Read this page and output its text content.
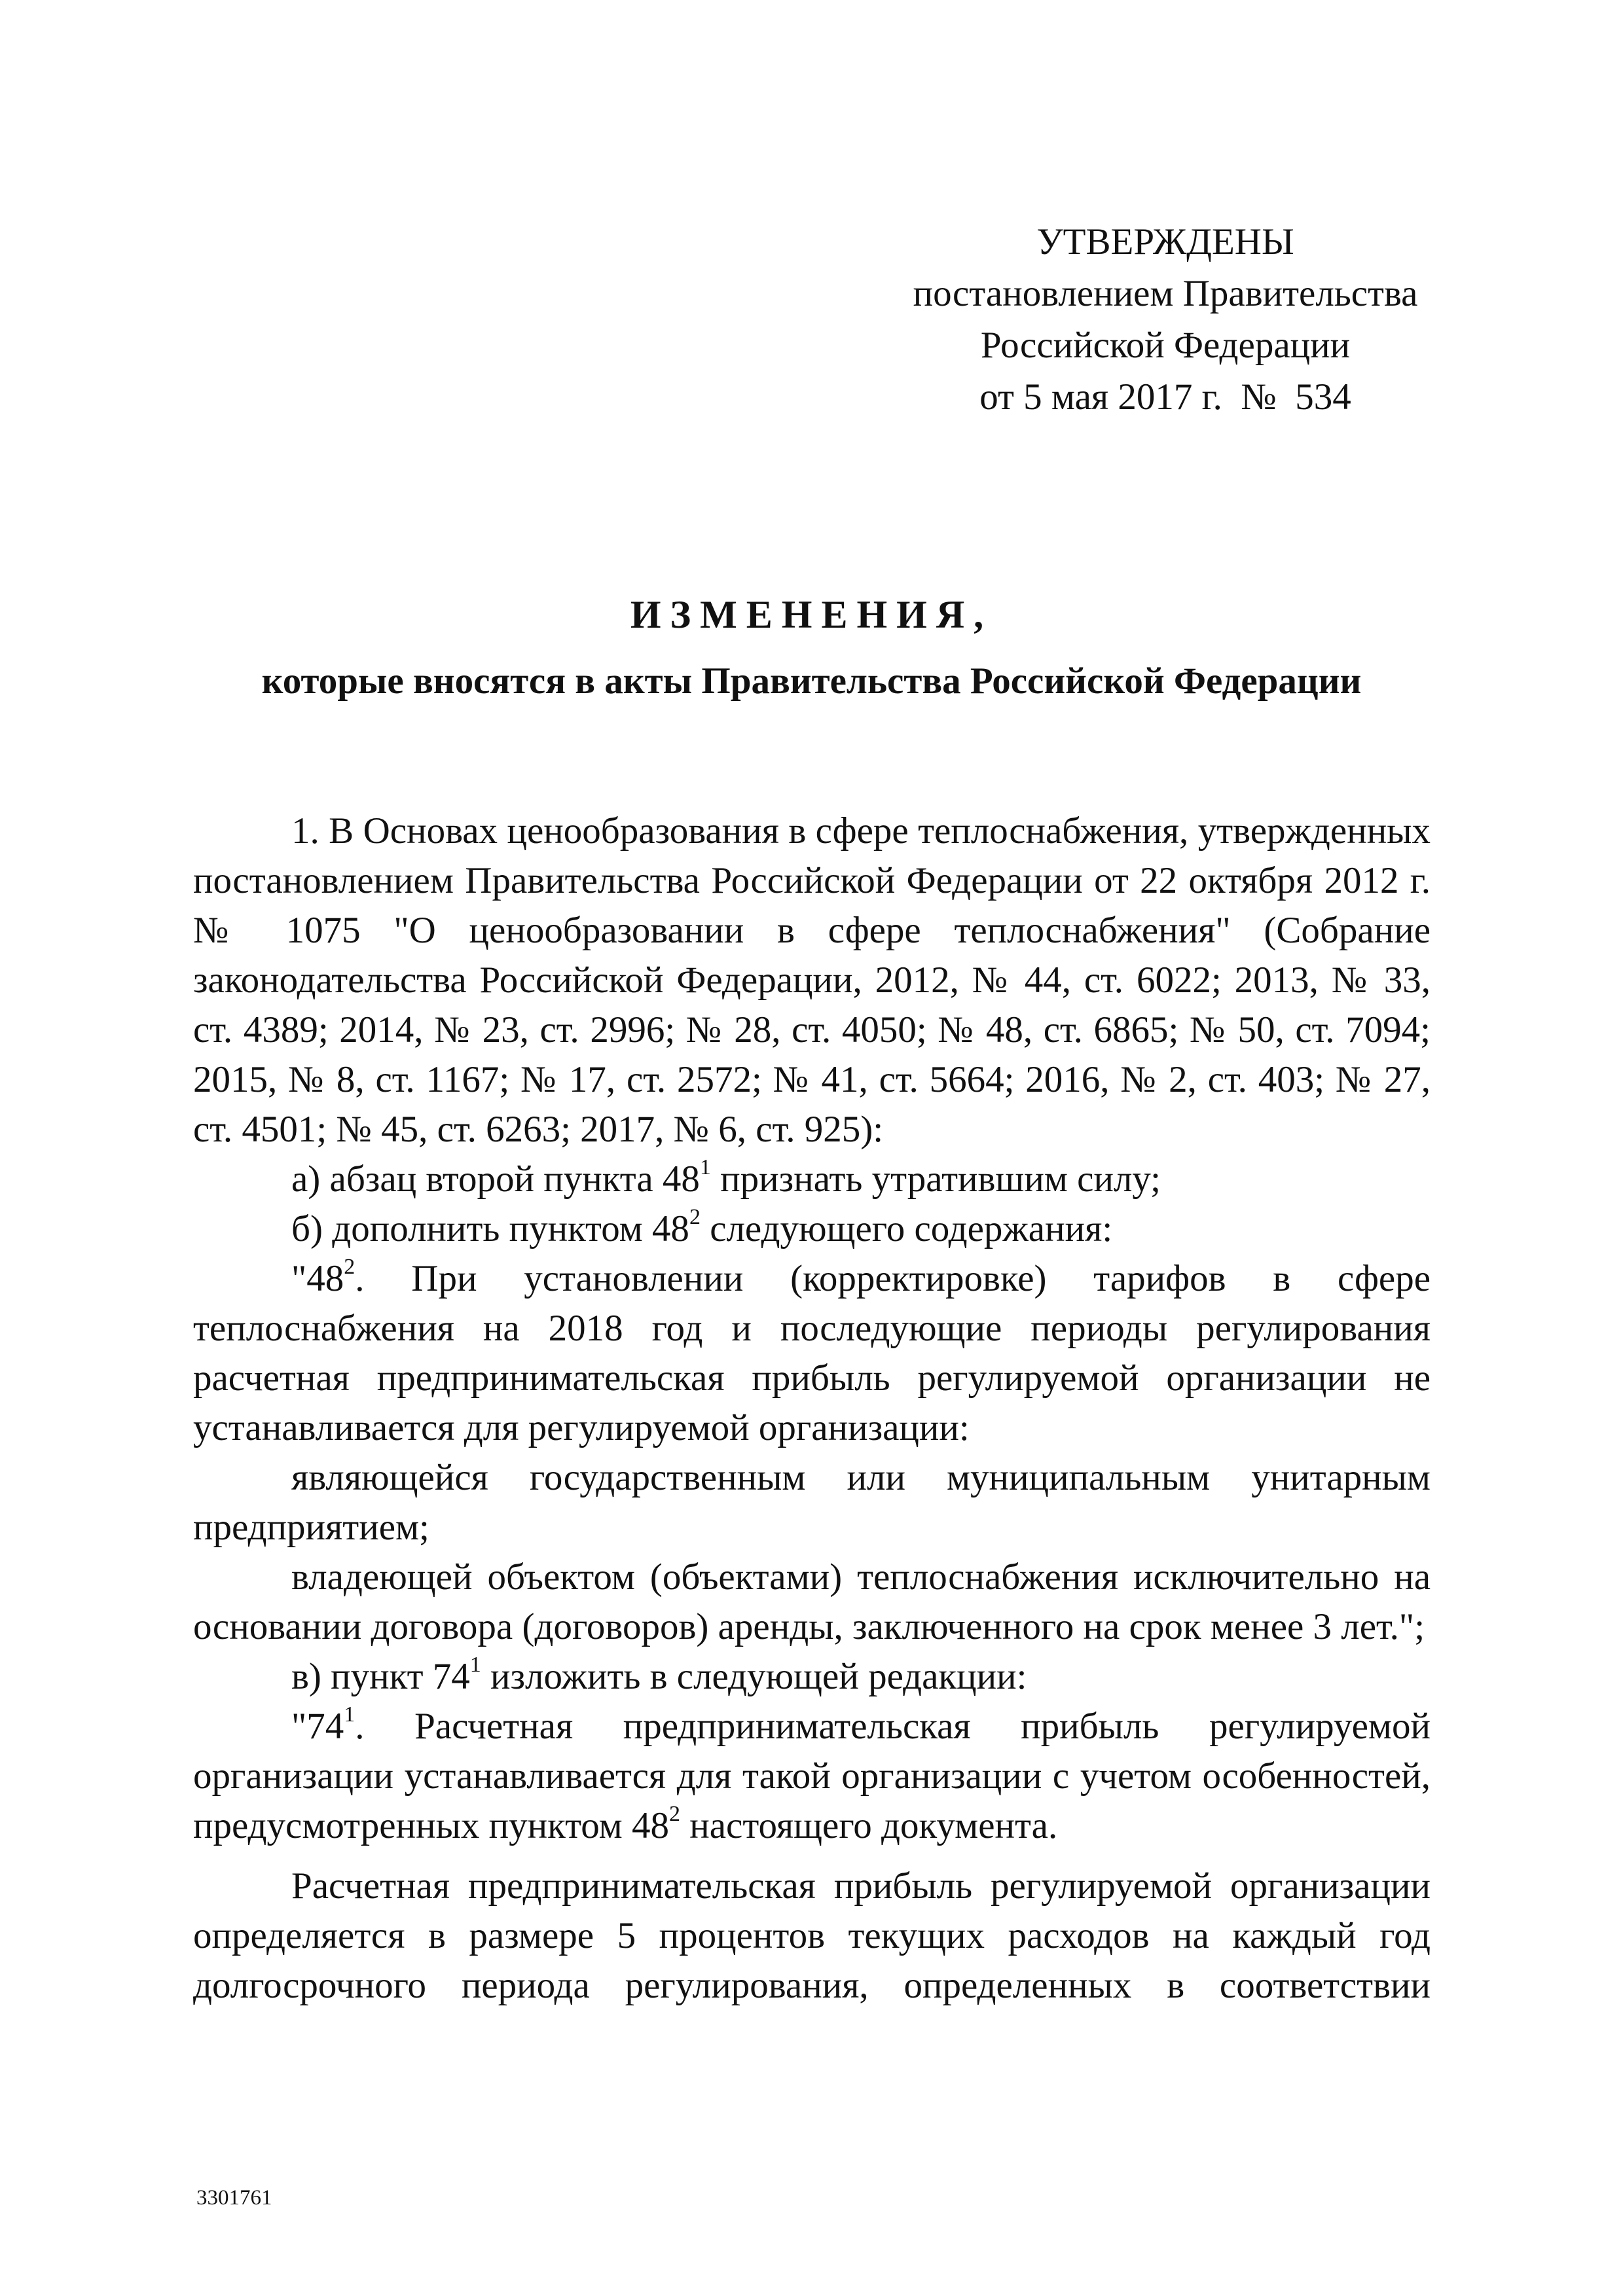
УТВЕРЖДЕНЫ
постановлением Правительства
Российской Федерации
от 5 мая 2017 г.  №  534
ИЗМЕНЕНИЯ,
которые вносятся в акты Правительства Российской Федерации

1. В Основах ценообразования в сфере теплоснабжения, утвержденных постановлением Правительства Российской Федерации от 22 октября 2012 г. № 1075 "О ценообразовании в сфере теплоснабжения" (Собрание законодательства Российской Федерации, 2012, № 44, ст. 6022; 2013, № 33, ст. 4389; 2014, № 23, ст. 2996; № 28, ст. 4050; № 48, ст. 6865; № 50, ст. 7094; 2015, № 8, ст. 1167; № 17, ст. 2572; № 41, ст. 5664; 2016, № 2, ст. 403; № 27, ст. 4501; № 45, ст. 6263; 2017, № 6, ст. 925):

а) абзац второй пункта $48^1$ признать утратившим силу;

б) дополнить пунктом $48^2$ следующего содержания:

"$48^2$. При установлении (корректировке) тарифов в сфере теплоснабжения на 2018 год и последующие периоды регулирования расчетная предпринимательская прибыль регулируемой организации не устанавливается для регулируемой организации:

являющейся государственным или муниципальным унитарным предприятием;

владеющей объектом (объектами) теплоснабжения исключительно на основании договора (договоров) аренды, заключенного на срок менее 3 лет.";

в) пункт $74^1$ изложить в следующей редакции:

"$74^1$. Расчетная предпринимательская прибыль регулируемой организации устанавливается для такой организации с учетом особенностей, предусмотренных пунктом $48^2$ настоящего документа.

Расчетная предпринимательская прибыль регулируемой организации определяется в размере 5 процентов текущих расходов на каждый год долгосрочного периода регулирования, определенных в соответствии

3301761
